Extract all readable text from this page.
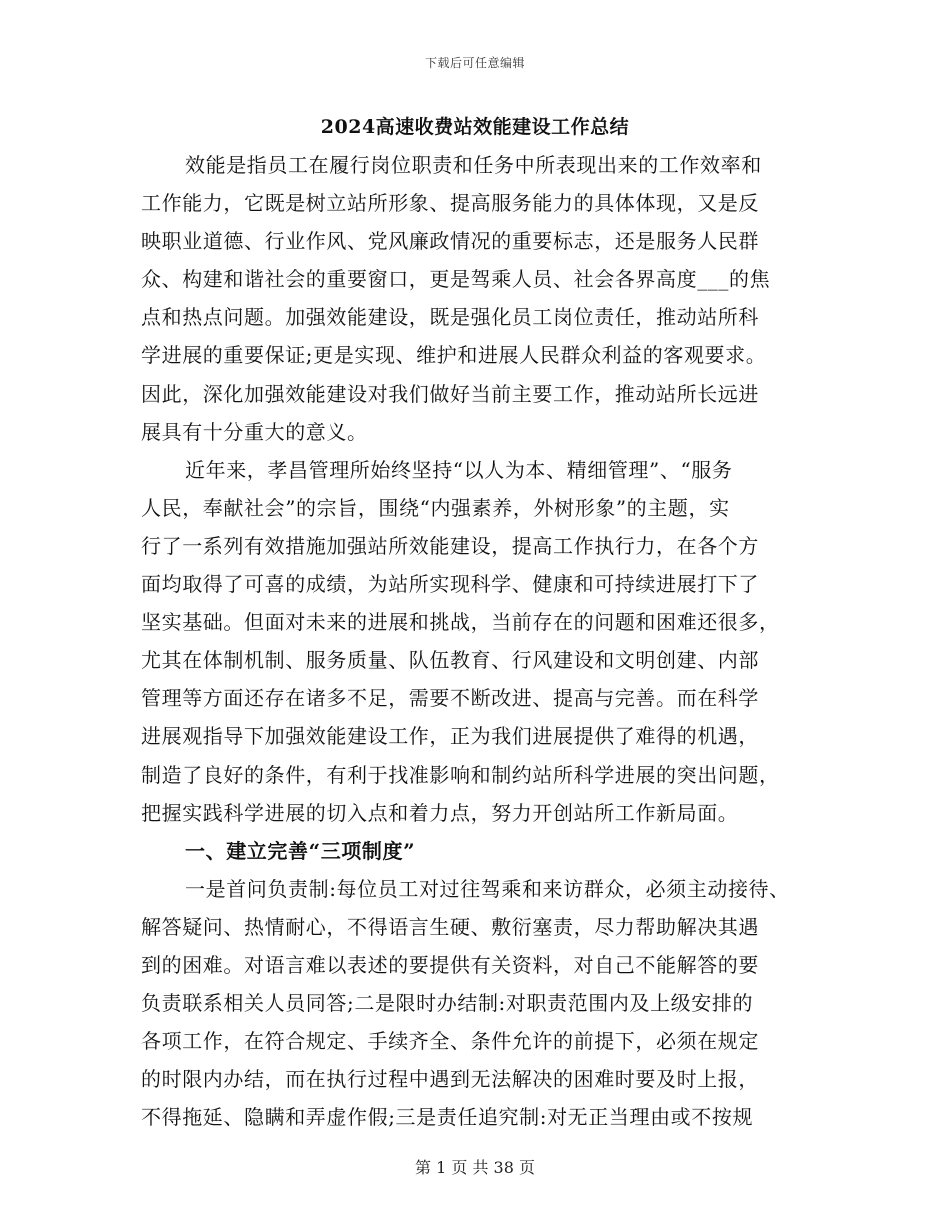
下载后可任意编辑
2024高速收费站效能建设工作总结
效能是指员工在履行岗位职责和任务中所表现出来的工作效率和
工作能力，它既是树立站所形象、提高服务能力的具体体现，又是反
映职业道德、行业作风、党风廉政情况的重要标志，还是服务人民群
众、构建和谐社会的重要窗口，更是驾乘人员、社会各界高度___的焦
点和热点问题。加强效能建设，既是强化员工岗位责任，推动站所科
学进展的重要保证;更是实现、维护和进展人民群众利益的客观要求。
因此，深化加强效能建设对我们做好当前主要工作，推动站所长远进
展具有十分重大的意义。
近年来，孝昌管理所始终坚持“以人为本、精细管理”、“服务
人民，奉献社会”的宗旨，围绕“内强素养，外树形象”的主题，实
行了一系列有效措施加强站所效能建设，提高工作执行力，在各个方
面均取得了可喜的成绩，为站所实现科学、健康和可持续进展打下了
坚实基础。但面对未来的进展和挑战，当前存在的问题和困难还很多，
尤其在体制机制、服务质量、队伍教育、行风建设和文明创建、内部
管理等方面还存在诸多不足，需要不断改进、提高与完善。而在科学
进展观指导下加强效能建设工作，正为我们进展提供了难得的机遇，
制造了良好的条件，有利于找准影响和制约站所科学进展的突出问题，
把握实践科学进展的切入点和着力点，努力开创站所工作新局面。
一、建立完善“三项制度”
一是首问负责制:每位员工对过往驾乘和来访群众，必须主动接待、
解答疑问、热情耐心，不得语言生硬、敷衍塞责，尽力帮助解决其遇
到的困难。对语言难以表述的要提供有关资料，对自己不能解答的要
负责联系相关人员同答;二是限时办结制:对职责范围内及上级安排的
各项工作，在符合规定、手续齐全、条件允许的前提下，必须在规定
的时限内办结，而在执行过程中遇到无法解决的困难时要及时上报，
不得拖延、隐瞒和弄虚作假;三是责任追究制:对无正当理由或不按规
第 1 页 共 38 页
